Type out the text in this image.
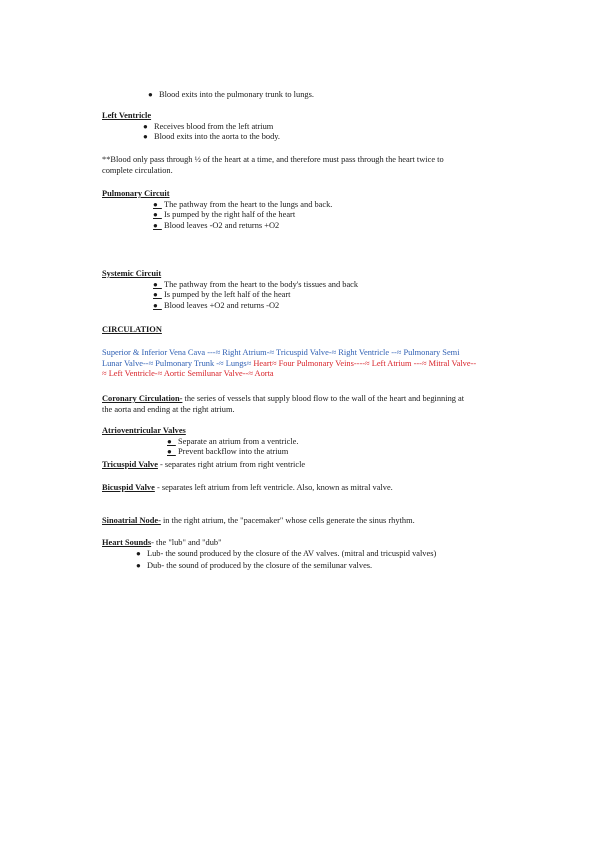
● Blood exits into the pulmonary trunk to lungs.

Left Ventricle

● Receives blood from the left atrium
● Blood exits into the aorta to the body.

**Blood only pass through ½ of the heart at a time, and therefore must pass through the heart twice to complete circulation.

Pulmonary Circuit

● The pathway from the heart to the lungs and back.
● Is pumped by the right half of the heart
● Blood leaves -O2 and returns +O2

Systemic Circuit

● The pathway from the heart to the body's tissues and back
● Is pumped by the left half of the heart
● Blood leaves +O2 and returns -O2

CIRCULATION

Superior & Inferior Vena Cava ---≈ Right Atrium-≈ Tricuspid Valve-≈ Right Ventricle --≈ Pulmonary Semi Lunar Valve--≈ Pulmonary Trunk -≈ Lungs≈ Heart≈ Four Pulmonary Veins----≈ Left Atrium ---≈ Mitral Valve--≈ Left Ventricle-≈ Aortic Semilunar Valve--≈ Aorta

Coronary Circulation- the series of vessels that supply blood flow to the wall of the heart and beginning at the aorta and ending at the right atrium.

Atrioventricular Valves

● Separate an atrium from a ventricle.
● Prevent backflow into the atrium

Tricuspid Valve - separates right atrium from right ventricle

Bicuspid Valve - separates left atrium from left ventricle. Also, known as mitral valve.

Sinoatrial Node- in the right atrium, the "pacemaker" whose cells generate the sinus rhythm.

Heart Sounds- the "lub" and "dub"

● Lub- the sound produced by the closure of the AV valves. (mitral and tricuspid valves)
● Dub- the sound of produced by the closure of the semilunar valves.
